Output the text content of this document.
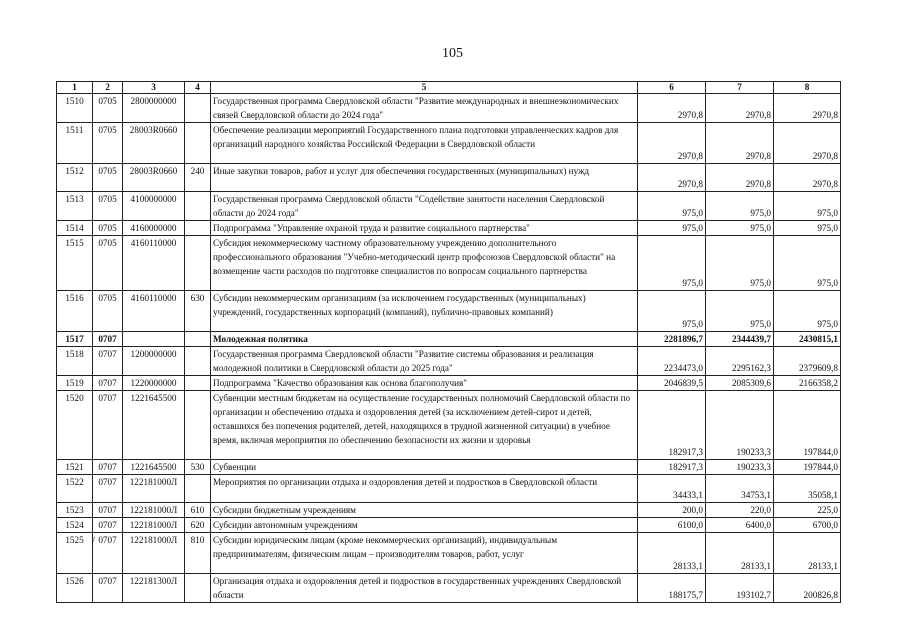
105
1	2	3	4	5	6	7	8
1510	0705	2800000000		Государственная программа Свердловской области "Развитие международных и внешнеэкономических связей Свердловской области до 2024 года"	2970,8	2970,8	2970,8
1511	0705	28003R0660		Обеспечение реализации мероприятий Государственного плана подготовки управленческих кадров для организаций народного хозяйства Российской Федерации в Свердловской области	2970,8	2970,8	2970,8
1512	0705	28003R0660	240	Иные закупки товаров, работ и услуг для обеспечения государственных (муниципальных) нужд	2970,8	2970,8	2970,8
1513	0705	4100000000		Государственная программа Свердловской области "Содействие занятости населения Свердловской области до 2024 года"	975,0	975,0	975,0
1514	0705	4160000000		Подпрограмма "Управление охраной труда и развитие социального партнерства"	975,0	975,0	975,0
1515	0705	4160110000		Субсидия некоммерческому частному образовательному учреждению дополнительного профессионального образования "Учебно-методический центр профсоюзов Свердловской области" на возмещение части расходов по подготовке специалистов по вопросам социального партнерства	975,0	975,0	975,0
1516	0705	4160110000	630	Субсидии некоммерческим организациям (за исключением государственных (муниципальных) учреждений, государственных корпораций (компаний), публично-правовых компаний)	975,0	975,0	975,0
1517	0707			Молодежная политика	2281896,7	2344439,7	2430815,1
1518	0707	1200000000		Государственная программа Свердловской области "Развитие системы образования и реализация молодежной политики в Свердловской области до 2025 года"	2234473,0	2295162,3	2379609,8
1519	0707	1220000000		Подпрограмма "Качество образования как основа благополучия"	2046839,5	2085309,6	2166358,2
1520	0707	1221645500		Субвенции местным бюджетам на осуществление государственных полномочий Свердловской области по организации и обеспечению отдыха и оздоровления детей (за исключением детей-сирот и детей, оставшихся без попечения родителей, детей, находящихся в трудной жизненной ситуации) в учебное время, включая мероприятия по обеспечению безопасности их жизни и здоровья	182917,3	190233,3	197844,0
1521	0707	1221645500	530	Субвенции	182917,3	190233,3	197844,0
1522	0707	122181000Л		Мероприятия по организации отдыха и оздоровления детей и подростков в Свердловской области	34433,1	34753,1	35058,1
1523	0707	122181000Л	610	Субсидии бюджетным учреждениям	200,0	220,0	225,0
1524	0707	122181000Л	620	Субсидии автономным учреждениям	6100,0	6400,0	6700,0
1525	0707	122181000Л	810	Субсидии юридическим лицам (кроме некоммерческих организаций), индивидуальным предпринимателям, физическим лицам – производителям товаров, работ, услуг	28133,1	28133,1	28133,1
1526	0707	122181300Л		Организация отдыха и оздоровления детей и подростков в государственных учреждениях Свердловской области	188175,7	193102,7	200826,8
/
